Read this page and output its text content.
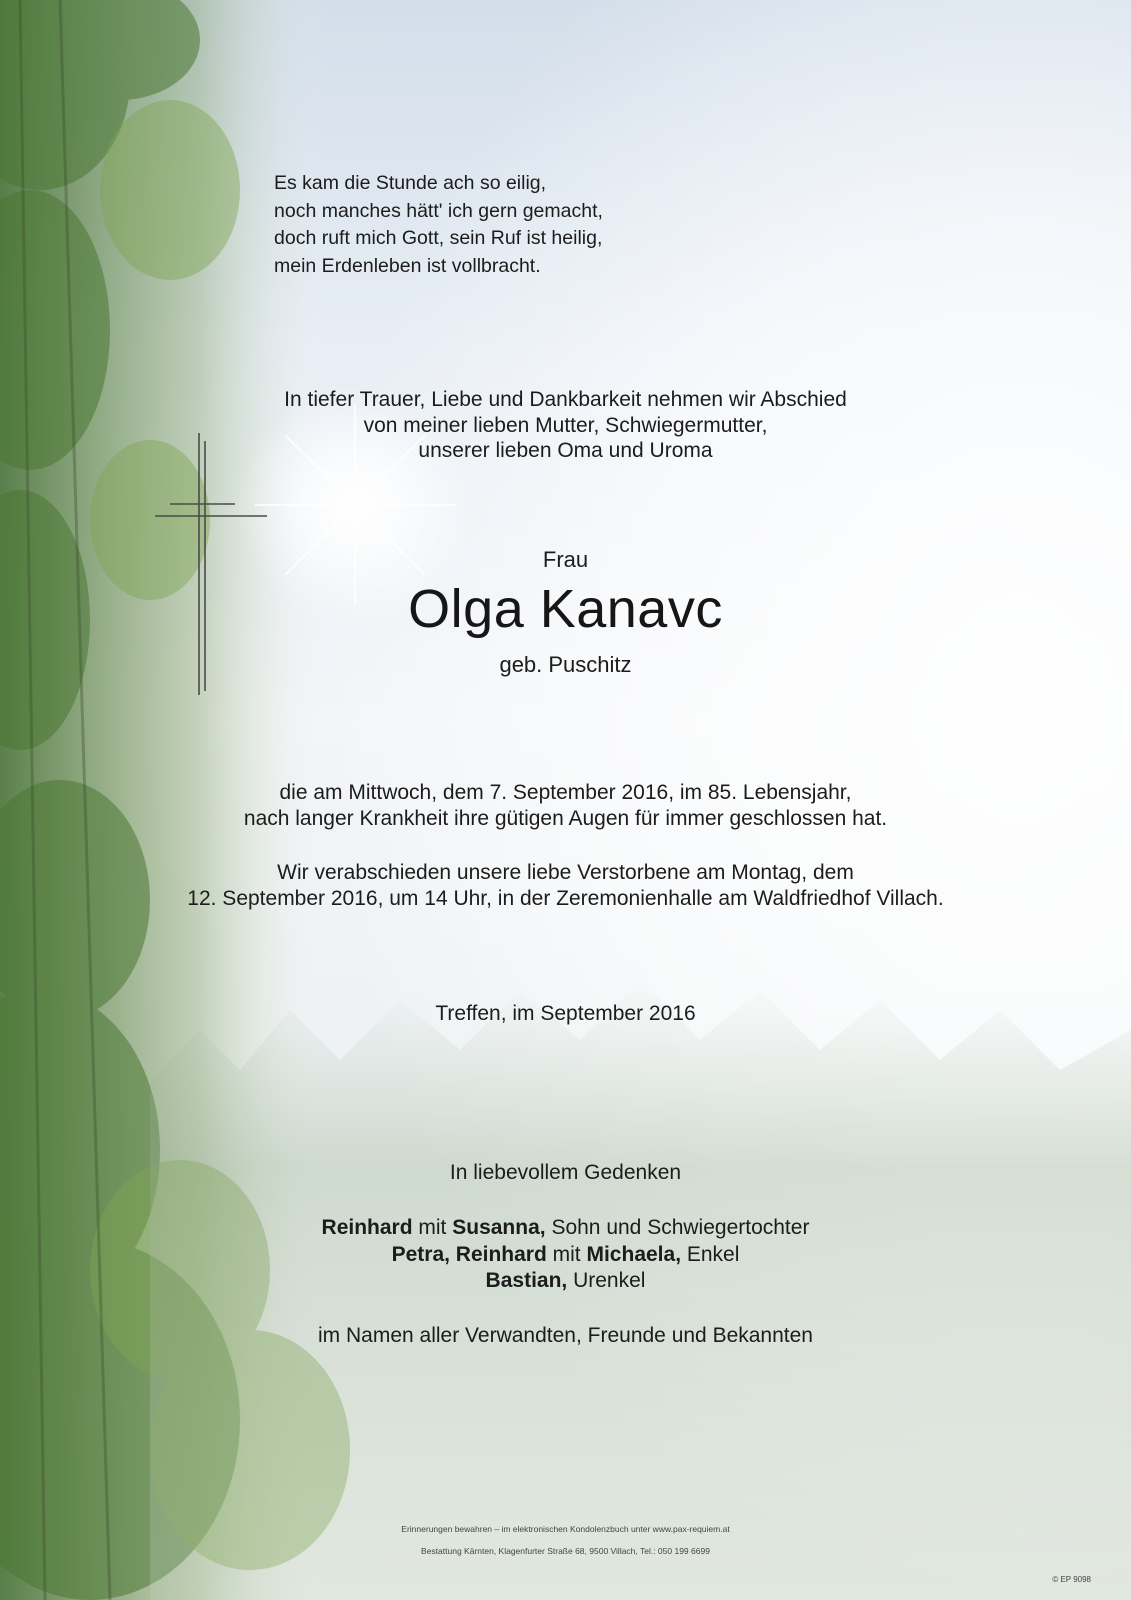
Es kam die Stunde ach so eilig,
noch manches hätt' ich gern gemacht,
doch ruft mich Gott, sein Ruf ist heilig,
mein Erdenleben ist vollbracht.
In tiefer Trauer, Liebe und Dankbarkeit nehmen wir Abschied
von meiner lieben Mutter, Schwiegermutter,
unserer lieben Oma und Uroma
Frau
Olga Kanavc
geb. Puschitz
die am Mittwoch, dem 7. September 2016, im 85. Lebensjahr,
nach langer Krankheit ihre gütigen Augen für immer geschlossen hat.
Wir verabschieden unsere liebe Verstorbene am Montag, dem
12. September 2016, um 14 Uhr, in der Zeremonienhalle am Waldfriedhof Villach.
Treffen, im September 2016
In liebevollem Gedenken
Reinhard mit Susanna, Sohn und Schwiegertochter
Petra, Reinhard mit Michaela, Enkel
Bastian, Urenkel
im Namen aller Verwandten, Freunde und Bekannten
Erinnerungen bewahren – im elektronischen Kondolenzbuch unter www.pax-requiem.at
Bestattung Kärnten, Klagenfurter Straße 68, 9500 Villach, Tel.: 050 199 6699
© EP 9098
